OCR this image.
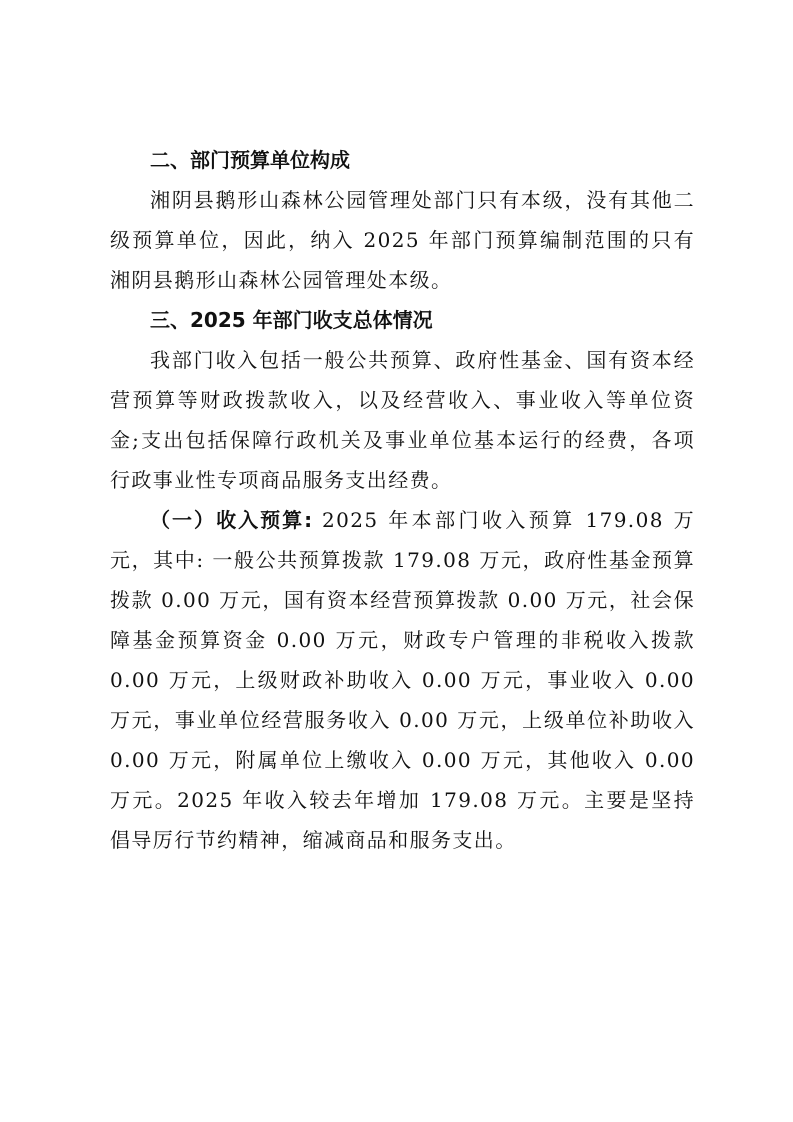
二、部门预算单位构成

湘阴县鹅形山森林公园管理处部门只有本级，没有其他二级预算单位，因此，纳入 2025 年部门预算编制范围的只有湘阴县鹅形山森林公园管理处本级。

三、2025 年部门收支总体情况

我部门收入包括一般公共预算、政府性基金、国有资本经营预算等财政拨款收入，以及经营收入、事业收入等单位资金;支出包括保障行政机关及事业单位基本运行的经费，各项行政事业性专项商品服务支出经费。

（一）收入预算: 2025 年本部门收入预算 179.08 万元，其中: 一般公共预算拨款 179.08 万元，政府性基金预算拨款 0.00 万元，国有资本经营预算拨款 0.00 万元，社会保障基金预算资金 0.00 万元，财政专户管理的非税收入拨款 0.00 万元，上级财政补助收入 0.00 万元，事业收入 0.00 万元，事业单位经营服务收入 0.00 万元，上级单位补助收入 0.00 万元，附属单位上缴收入 0.00 万元，其他收入 0.00 万元。2025 年收入较去年增加 179.08 万元。主要是坚持倡导厉行节约精神，缩减商品和服务支出。
